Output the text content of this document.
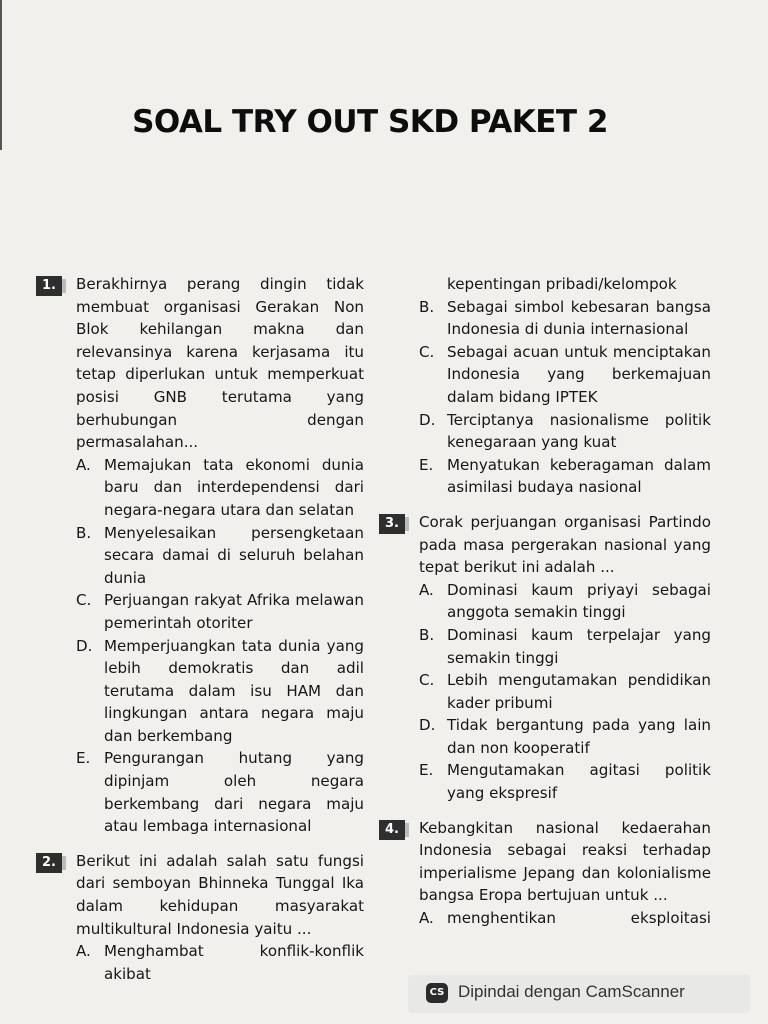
SOAL TRY OUT SKD PAKET 2
1.	Berakhirnya perang dingin tidak membuat organisasi Gerakan Non Blok kehilangan makna dan relevansinya karena kerjasama itu tetap diperlukan untuk memperkuat posisi GNB terutama yang berhubungan dengan permasalahan...
A. Memajukan tata ekonomi dunia baru dan interdependensi dari negara-negara utara dan selatan
B. Menyelesaikan persengketaan secara damai di seluruh belahan dunia
C. Perjuangan rakyat Afrika melawan pemerintah otoriter
D. Memperjuangkan tata dunia yang lebih demokratis dan adil terutama dalam isu HAM dan lingkungan antara negara maju dan berkembang
E. Pengurangan hutang yang dipinjam oleh negara berkembang dari negara maju atau lembaga internasional
2.	Berikut ini adalah salah satu fungsi dari semboyan Bhinneka Tunggal Ika dalam kehidupan masyarakat multikultural Indonesia yaitu ...
A. Menghambat konflik-konflik akibat
kepentingan pribadi/kelompok
B. Sebagai simbol kebesaran bangsa Indonesia di dunia internasional
C. Sebagai acuan untuk menciptakan Indonesia yang berkemajuan dalam bidang IPTEK
D. Terciptanya nasionalisme politik kenegaraan yang kuat
E. Menyatukan keberagaman dalam asimilasi budaya nasional
3.	Corak perjuangan organisasi Partindo pada masa pergerakan nasional yang tepat berikut ini adalah ...
A. Dominasi kaum priyayi sebagai anggota semakin tinggi
B. Dominasi kaum terpelajar yang semakin tinggi
C. Lebih mengutamakan pendidikan kader pribumi
D. Tidak bergantung pada yang lain dan non kooperatif
E. Mengutamakan agitasi politik yang ekspresif
4.	Kebangkitan nasional kedaerahan Indonesia sebagai reaksi terhadap imperialisme Jepang dan kolonialisme bangsa Eropa bertujuan untuk ...
A. menghentikan eksploitasi
CS Dipindai dengan CamScanner
